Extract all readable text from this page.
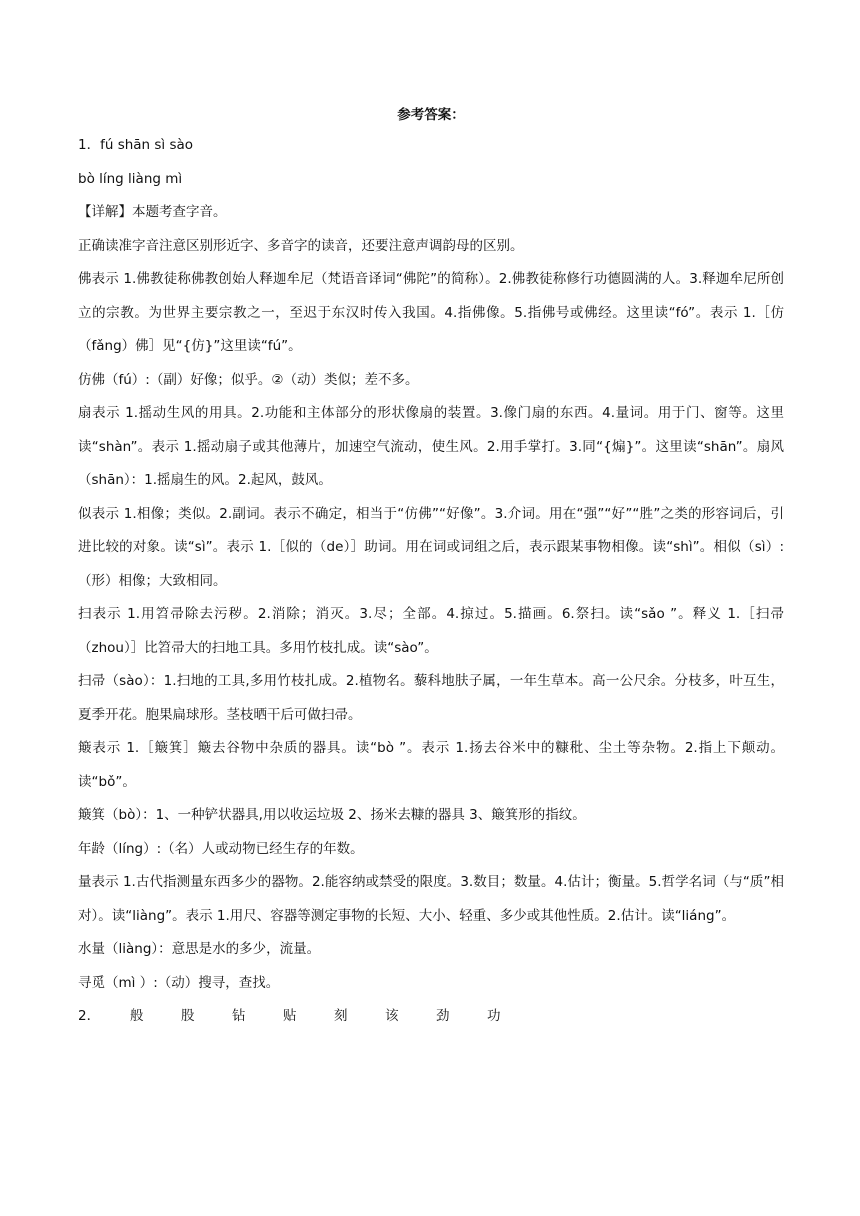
参考答案：
1．fú shān sì sào
bò líng liàng mì
【详解】本题考查字音。
正确读准字音注意区别形近字、多音字的读音，还要注意声调韵母的区别。
佛表示 1.佛教徒称佛教创始人释迦牟尼（梵语音译词“佛陀”的简称）。2.佛教徒称修行功德圆满的人。3.释迦牟尼所创立的宗教。为世界主要宗教之一，至迟于东汉时传入我国。4.指佛像。5.指佛号或佛经。这里读“fó”。表示 1.［仿（fǎng）佛］见“{仿}”这里读“fú”。
仿佛（fú）:（副）好像；似乎。②（动）类似；差不多。
扇表示 1.摇动生风的用具。2.功能和主体部分的形状像扇的装置。3.像门扇的东西。4.量词。用于门、窗等。这里读“shàn”。表示 1.摇动扇子或其他薄片，加速空气流动，使生风。2.用手掌打。3.同“{煽}”。这里读“shān”。扇风（shān）：1.摇扇生的风。2.起风，鼓风。
似表示 1.相像；类似。2.副词。表示不确定，相当于“仿佛”“好像”。3.介词。用在“强”“好”“胜”之类的形容词后，引进比较的对象。读“sì”。表示 1.［似的（de）］助词。用在词或词组之后，表示跟某事物相像。读“shì”。相似（sì）:（形）相像；大致相同。
扫表示 1.用笤帚除去污秽。2.消除；消灭。3.尽；全部。4.掠过。5.描画。6.祭扫。读“sǎo ”。释义 1.［扫帚（zhou）］比笤帚大的扫地工具。多用竹枝扎成。读“sào”。
扫帚（sào）：1.扫地的工具,多用竹枝扎成。2.植物名。藜科地肤子属，一年生草本。高一公尺余。分枝多，叶互生，夏季开花。胞果扁球形。茎枝晒干后可做扫帚。
簸表示 1.［簸箕］簸去谷物中杂质的器具。读“bò ”。表示 1.扬去谷米中的糠秕、尘土等杂物。2.指上下颠动。读“bǒ”。
簸箕（bò）：1、一种铲状器具,用以收运垃圾 2、扬米去糠的器具 3、簸箕形的指纹。
年龄（líng）:（名）人或动物已经生存的年数。
量表示 1.古代指测量东西多少的器物。2.能容纳或禁受的限度。3.数目；数量。4.估计；衡量。5.哲学名词（与“质”相对）。读“liàng”。表示 1.用尺、容器等测定事物的长短、大小、轻重、多少或其他性质。2.估计。读“liáng”。
水量（liàng）：意思是水的多少，流量。
寻觅（mì ）:（动）搜寻，查找。
2．	般	股	钻	贴	刻	该	劲	功
